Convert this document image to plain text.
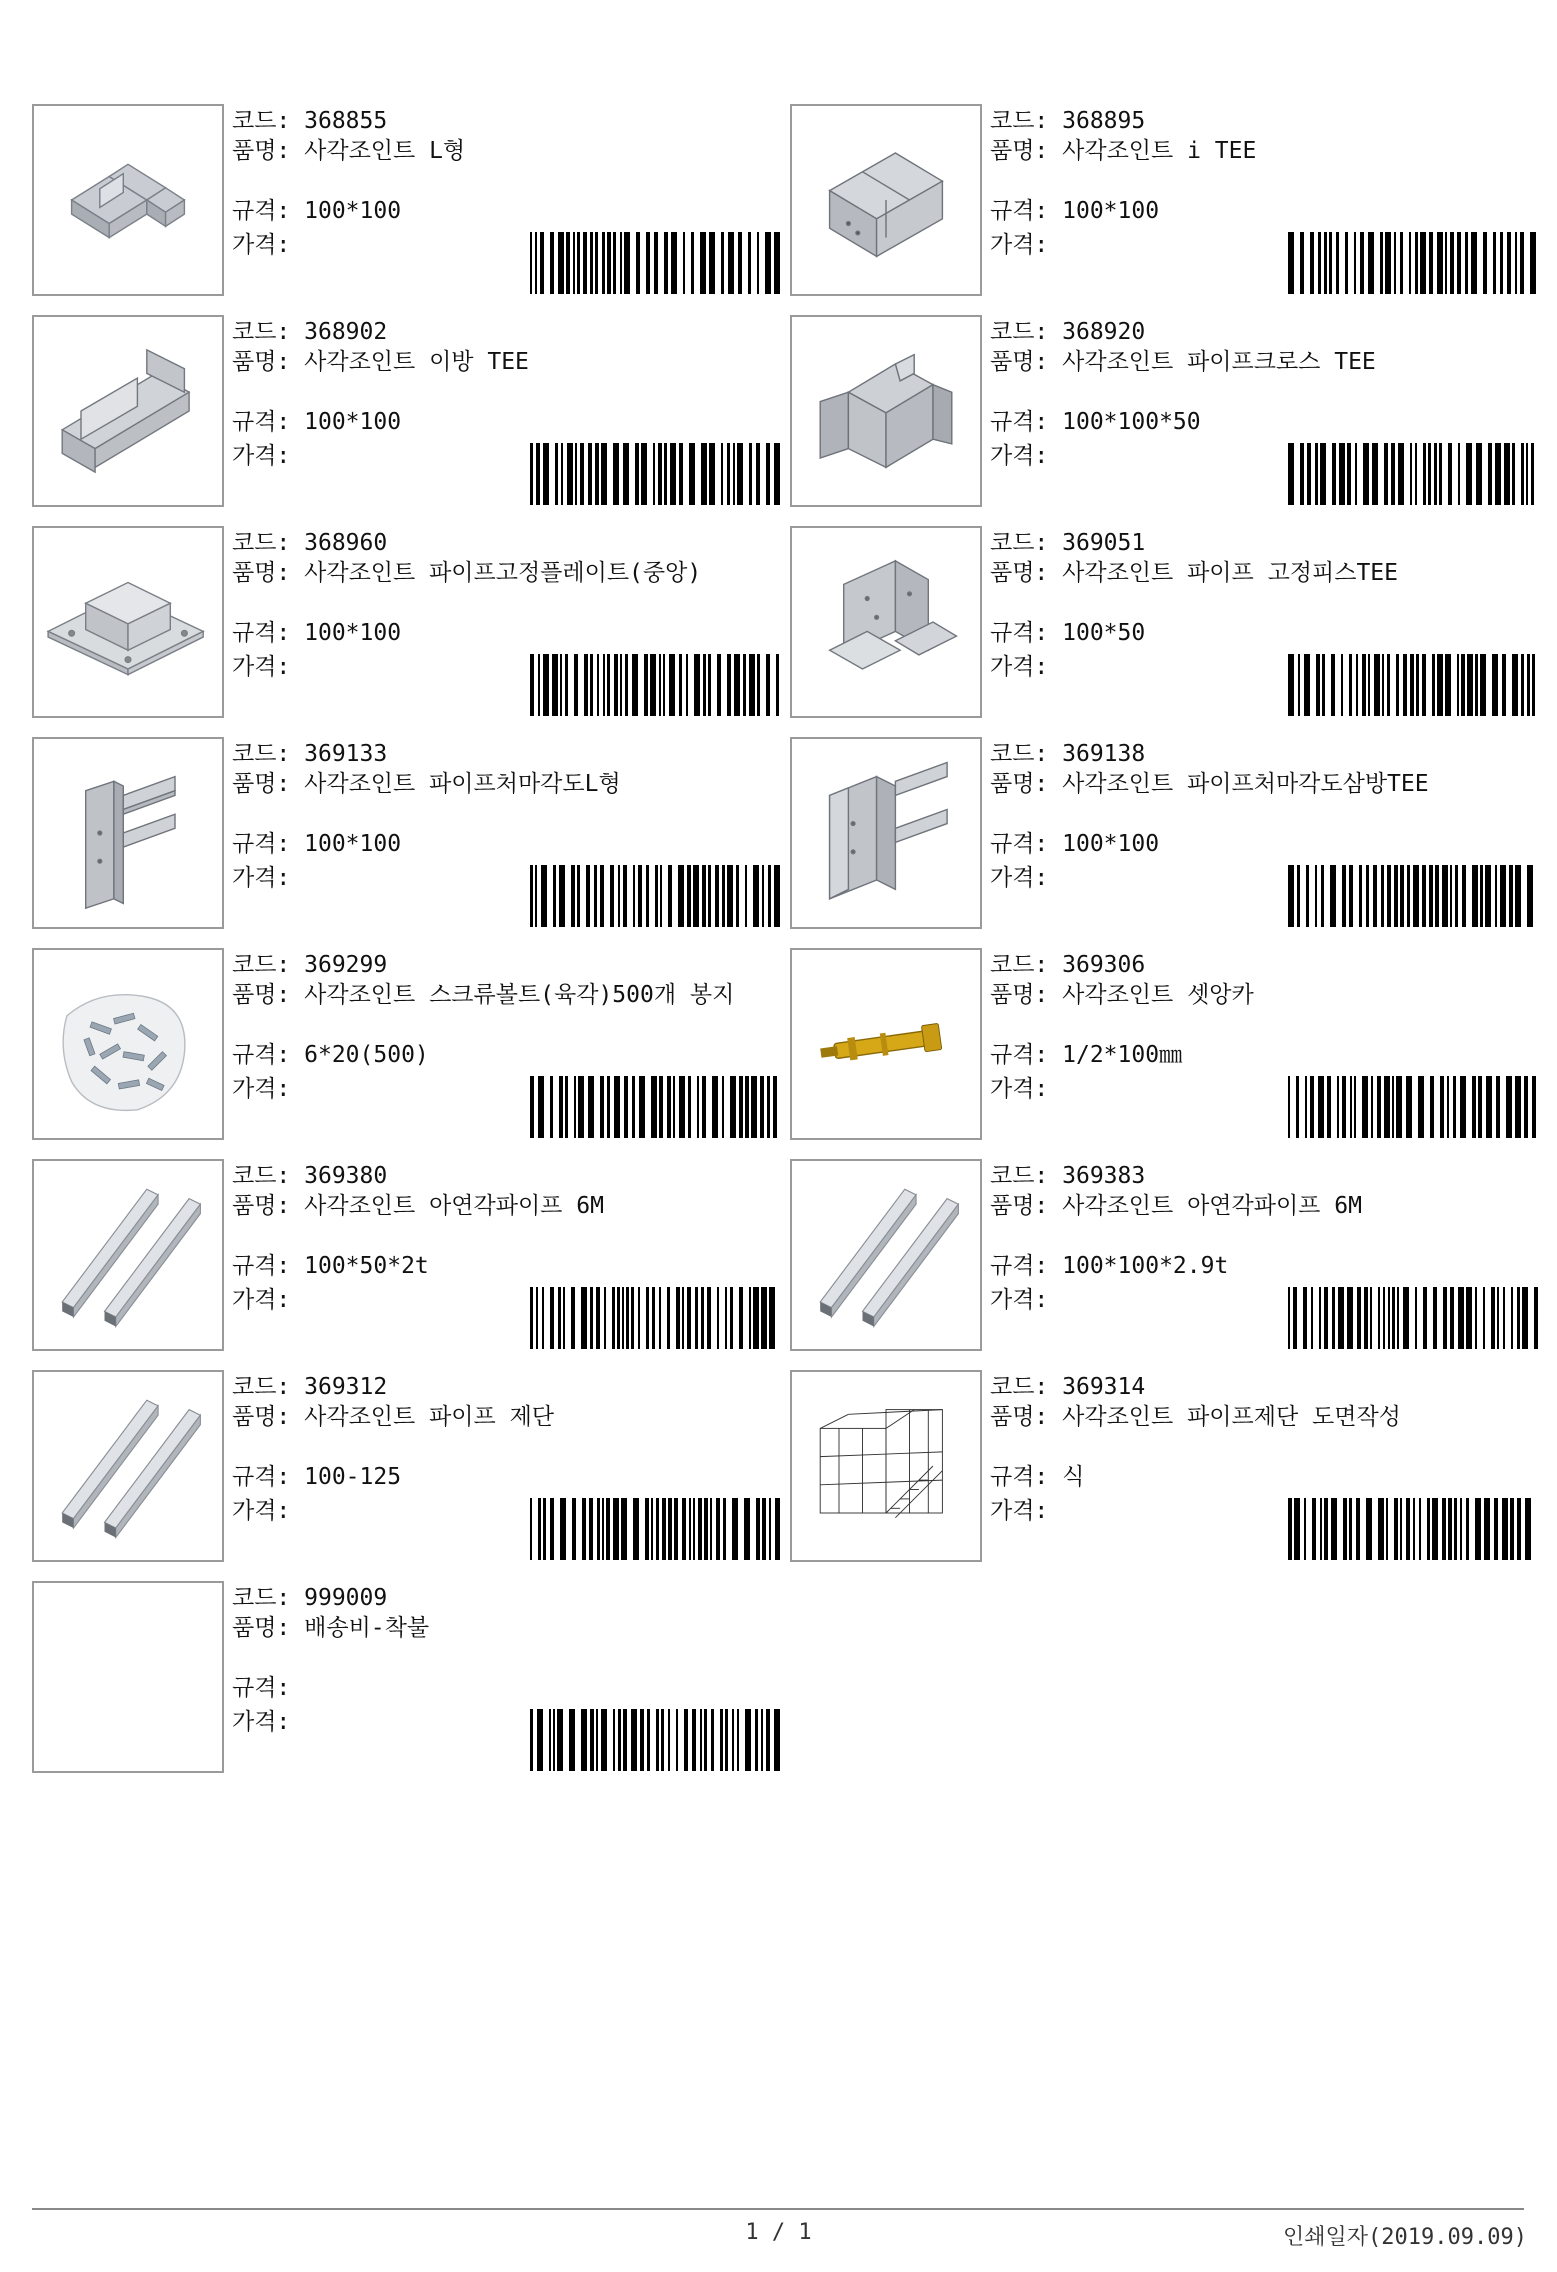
코드: 368855
품명: 사각조인트 L형
규격: 100*100
가격:
코드: 368895
품명: 사각조인트 i TEE
규격: 100*100
가격:
코드: 368902
품명: 사각조인트 이방 TEE
규격: 100*100
가격:
코드: 368920
품명: 사각조인트 파이프크로스 TEE
규격: 100*100*50
가격:
코드: 368960
품명: 사각조인트 파이프고정플레이트(중앙)
규격: 100*100
가격:
코드: 369051
품명: 사각조인트 파이프 고정피스TEE
규격: 100*50
가격:
코드: 369133
품명: 사각조인트 파이프처마각도L형
규격: 100*100
가격:
코드: 369138
품명: 사각조인트 파이프처마각도삼방TEE
규격: 100*100
가격:
코드: 369299
품명: 사각조인트 스크류볼트(육각)500개 봉지
규격: 6*20(500)
가격:
코드: 369306
품명: 사각조인트 셋앙카
규격: 1/2*100㎜
가격:
코드: 369380
품명: 사각조인트 아연각파이프 6M
규격: 100*50*2t
가격:
코드: 369383
품명: 사각조인트 아연각파이프 6M
규격: 100*100*2.9t
가격:
코드: 369312
품명: 사각조인트 파이프 제단
규격: 100-125
가격:
코드: 369314
품명: 사각조인트 파이프제단 도면작성
규격: 식
가격:
코드: 999009
품명: 배송비-착불
규격:
가격:
1 / 1	인쇄일자(2019.09.09)
